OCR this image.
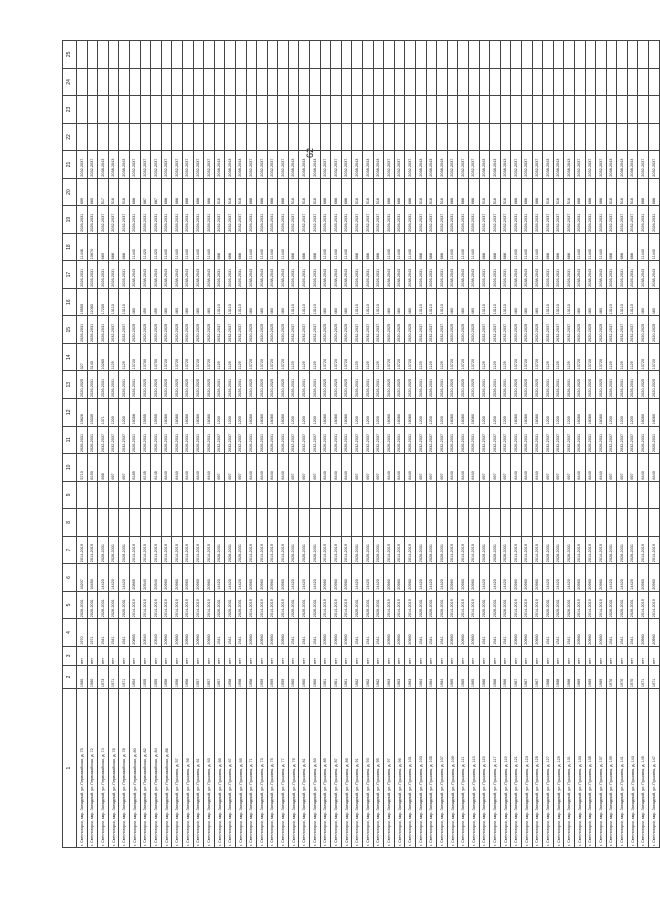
62
1	2	3	4	5	6	7	8	9	10	11	12	13	14	15	16	17	18	19	20	21	22	23	24	25
г. Светлогорск, мкр. Западный, ул. Первомайская, д. 75	1960	нет	1970	2026-2031	16207	2014-2019			5710	2026-2031	15826	2020-2025	327	2026-2031	19559	2026-2031	11446	2026-2031	699	2032-2037				
г. Светлогорск, мкр. Западный, ул. Первомайская, д. 72	1960	нет	1971	2026-2031	16450	2014-2019			8190	2026-2031	15339	2026-2031	3140	2026-2031	11060	2026-2031	10670	2026-2031	660	2032-2037				
г. Светлогорск, мкр. Западный, ул. Первомайская, д. 74	1973	нет	1541	2026-2031	14420	2026-2031			698	2032-2037	1371	2026-2031	10260	2026-2031	17200	2026-2031	669	2032-2037	517	2038-2043				
г. Светлогорск, мкр. Западный, ул. Первомайская, д. 76	1971	нет	1541	2026-2031	14420	2026-2031			697	2032-2037	1200	2026-2031	1129	2032-2037	13110	2026-2031	688	2032-2037	516	2038-2043				
г. Светлогорск, мкр. Западный, ул. Первомайская, д. 78	1971	нет	1541	2026-2031	14420	2026-2031			697	2032-2037	1200	2026-2031	1129	2032-2037	13110	2026-2031	688	2032-2037	516	2038-2043				
г. Светлогорск, мкр. Западный, ул. Первомайская, д. 80	1954	нет	20865	2014-2019	20865	2014-2019			8185	2026-2031	16058	2026-2031	13720	2020-2025	460	2038-2043	11440	2026-2031	688	2032-2037				
г. Светлогорск, мкр. Западный, ул. Первомайская, д. 82	1955	нет	20540	2014-2019	20540	2014-2019			8145	2026-2031	15955	2020-2025	13700	2020-2025	459	2038-2043	11420	2026-2031	687	2032-2037				
г. Светлогорск, мкр. Западный, ул. Первомайская, д. 84	1955	нет	20540	2014-2019	20540	2014-2019			8145	2026-2031	15955	2020-2025	13700	2020-2025	459	2038-2043	11420	2026-2031	687	2032-2037				
г. Светлогорск, мкр. Западный, ул. Первомайская, д. 86	1956	нет	20960	2014-2019	20960	2014-2019			8440	2026-2031	16060	2020-2025	13720	2020-2025	460	2038-2043	11440	2026-2031	688	2032-2037				
г. Светлогорск, мкр. Западный, ул. Пушкина, д. 57	1956	нет	20960	2014-2019	20960	2014-2019			8440	2026-2031	16060	2020-2025	13720	2020-2025	460	2038-2043	11440	2026-2031	688	2032-2037				
г. Светлогорск, мкр. Западный, ул. Пушкина, д. 59	1956	нет	20960	2014-2019	20960	2014-2019			8440	2026-2031	16060	2020-2025	13720	2020-2025	460	2038-2043	11440	2026-2031	688	2032-2037				
г. Светлогорск, мкр. Западный, ул. Пушкина, д. 61	1957	нет	20960	2014-2019	20960	2014-2019			8440	2026-2031	16060	2020-2025	13720	2020-2025	460	2038-2043	11440	2026-2031	688	2032-2037				
г. Светлогорск, мкр. Западный, ул. Пушкина, д. 63	1957	нет	20960	2014-2019	20960	2014-2019			8440	2026-2031	16060	2020-2025	13720	2020-2025	460	2038-2043	11440	2026-2031	688	2032-2037				
г. Светлогорск, мкр. Западный, ул. Пушкина, д. 65	1957	нет	1541	2026-2031	14420	2026-2031			697	2032-2037	1200	2026-2031	1129	2032-2037	13110	2026-2031	688	2032-2037	516	2038-2043				
г. Светлогорск, мкр. Западный, ул. Пушкина, д. 67	1958	нет	1541	2026-2031	14420	2026-2031			697	2032-2037	1200	2026-2031	1129	2032-2037	13110	2026-2031	688	2032-2037	516	2038-2043				
г. Светлогорск, мкр. Западный, ул. Пушкина, д. 69	1958	нет	1541	2026-2031	14420	2026-2031			697	2032-2037	1200	2026-2031	1129	2032-2037	13110	2026-2031	688	2032-2037	516	2038-2043				
г. Светлогорск, мкр. Западный, ул. Пушкина, д. 71	1958	нет	20960	2014-2019	20960	2014-2019			8440	2026-2031	16060	2020-2025	13720	2020-2025	460	2038-2043	11440	2026-2031	688	2032-2037				
г. Светлогорск, мкр. Западный, ул. Пушкина, д. 73	1959	нет	20960	2014-2019	20960	2014-2019			8440	2026-2031	16060	2020-2025	13720	2020-2025	460	2038-2043	11440	2026-2031	688	2032-2037				
г. Светлогорск, мкр. Западный, ул. Пушкина, д. 75	1959	нет	20960	2014-2019	20960	2014-2019			8440	2026-2031	16060	2020-2025	13720	2020-2025	460	2038-2043	11440	2026-2031	688	2032-2037				
г. Светлогорск, мкр. Западный, ул. Пушкина, д. 77	1959	нет	20960	2014-2019	20960	2014-2019			8440	2026-2031	16060	2020-2025	13720	2020-2025	460	2038-2043	11440	2026-2031	688	2032-2037				
г. Светлогорск, мкр. Западный, ул. Пушкина, д. 79	1960	нет	1541	2026-2031	14420	2026-2031			697	2032-2037	1200	2026-2031	1129	2032-2037	13110	2026-2031	688	2032-2037	516	2038-2043				
г. Светлогорск, мкр. Западный, ул. Пушкина, д. 81	1960	нет	1541	2026-2031	14420	2026-2031			697	2032-2037	1200	2026-2031	1129	2032-2037	13110	2026-2031	688	2032-2037	516	2038-2043				
г. Светлогорск, мкр. Западный, ул. Пушкина, д. 83	1960	нет	1541	2026-2031	14420	2026-2031			697	2032-2037	1200	2026-2031	1129	2032-2037	13110	2026-2031	688	2032-2037	516	2038-2043				
г. Светлогорск, мкр. Западный, ул. Пушкина, д. 85	1961	нет	20960	2014-2019	20960	2014-2019			8440	2026-2031	16060	2020-2025	13720	2020-2025	460	2038-2043	11440	2026-2031	688	2032-2037				
г. Светлогорск, мкр. Западный, ул. Пушкина, д. 87	1961	нет	20960	2014-2019	20960	2014-2019			8440	2026-2031	16060	2020-2025	13720	2020-2025	460	2038-2043	11440	2026-2031	688	2032-2037				
г. Светлогорск, мкр. Западный, ул. Пушкина, д. 89	1961	нет	20960	2014-2019	20960	2014-2019			8440	2026-2031	16060	2020-2025	13720	2020-2025	460	2038-2043	11440	2026-2031	688	2032-2037				
г. Светлогорск, мкр. Западный, ул. Пушкина, д. 91	1962	нет	1541	2026-2031	14420	2026-2031			697	2032-2037	1200	2026-2031	1129	2032-2037	13110	2026-2031	688	2032-2037	516	2038-2043				
г. Светлогорск, мкр. Западный, ул. Пушкина, д. 93	1962	нет	1541	2026-2031	14420	2026-2031			697	2032-2037	1200	2026-2031	1129	2032-2037	13110	2026-2031	688	2032-2037	516	2038-2043				
г. Светлогорск, мкр. Западный, ул. Пушкина, д. 95	1962	нет	1541	2026-2031	14420	2026-2031			697	2032-2037	1200	2026-2031	1129	2032-2037	13110	2026-2031	688	2032-2037	516	2038-2043				
г. Светлогорск, мкр. Западный, ул. Пушкина, д. 97	1963	нет	20960	2014-2019	20960	2014-2019			8440	2026-2031	16060	2020-2025	13720	2020-2025	460	2038-2043	11440	2026-2031	688	2032-2037				
г. Светлогорск, мкр. Западный, ул. Пушкина, д. 99	1963	нет	20960	2014-2019	20960	2014-2019			8440	2026-2031	16060	2020-2025	13720	2020-2025	460	2038-2043	11440	2026-2031	688	2032-2037				
г. Светлогорск, мкр. Западный, ул. Пушкина, д. 101	1963	нет	20960	2014-2019	20960	2014-2019			8440	2026-2031	16060	2020-2025	13720	2020-2025	460	2038-2043	11440	2026-2031	688	2032-2037				
г. Светлогорск, мкр. Западный, ул. Пушкина, д. 103	1964	нет	1541	2026-2031	14420	2026-2031			697	2032-2037	1200	2026-2031	1129	2032-2037	13110	2026-2031	688	2032-2037	516	2038-2043				
г. Светлогорск, мкр. Западный, ул. Пушкина, д. 105	1964	нет	1541	2026-2031	14420	2026-2031			697	2032-2037	1200	2026-2031	1129	2032-2037	13110	2026-2031	688	2032-2037	516	2038-2043				
г. Светлогорск, мкр. Западный, ул. Пушкина, д. 107	1964	нет	1541	2026-2031	14420	2026-2031			697	2032-2037	1200	2026-2031	1129	2032-2037	13110	2026-2031	688	2032-2037	516	2038-2043				
г. Светлогорск, мкр. Западный, ул. Пушкина, д. 109	1965	нет	20960	2014-2019	20960	2014-2019			8440	2026-2031	16060	2020-2025	13720	2020-2025	460	2038-2043	11440	2026-2031	688	2032-2037				
г. Светлогорск, мкр. Западный, ул. Пушкина, д. 111	1965	нет	20960	2014-2019	20960	2014-2019			8440	2026-2031	16060	2020-2025	13720	2020-2025	460	2038-2043	11440	2026-2031	688	2032-2037				
г. Светлогорск, мкр. Западный, ул. Пушкина, д. 113	1965	нет	20960	2014-2019	20960	2014-2019			8440	2026-2031	16060	2020-2025	13720	2020-2025	460	2038-2043	11440	2026-2031	688	2032-2037				
г. Светлогорск, мкр. Западный, ул. Пушкина, д. 115	1966	нет	1541	2026-2031	14420	2026-2031			697	2032-2037	1200	2026-2031	1129	2032-2037	13110	2026-2031	688	2032-2037	516	2038-2043				
г. Светлогорск, мкр. Западный, ул. Пушкина, д. 117	1966	нет	1541	2026-2031	14420	2026-2031			697	2032-2037	1200	2026-2031	1129	2032-2037	13110	2026-2031	688	2032-2037	516	2038-2043				
г. Светлогорск, мкр. Западный, ул. Пушкина, д. 119	1966	нет	1541	2026-2031	14420	2026-2031			697	2032-2037	1200	2026-2031	1129	2032-2037	13110	2026-2031	688	2032-2037	516	2038-2043				
г. Светлогорск, мкр. Западный, ул. Пушкина, д. 121	1967	нет	20960	2014-2019	20960	2014-2019			8440	2026-2031	16060	2020-2025	13720	2020-2025	460	2038-2043	11440	2026-2031	688	2032-2037				
г. Светлогорск, мкр. Западный, ул. Пушкина, д. 123	1967	нет	20960	2014-2019	20960	2014-2019			8440	2026-2031	16060	2020-2025	13720	2020-2025	460	2038-2043	11440	2026-2031	688	2032-2037				
г. Светлогорск, мкр. Западный, ул. Пушкина, д. 125	1967	нет	20960	2014-2019	20960	2014-2019			8440	2026-2031	16060	2020-2025	13720	2020-2025	460	2038-2043	11440	2026-2031	688	2032-2037				
г. Светлогорск, мкр. Западный, ул. Пушкина, д. 127	1968	нет	1541	2026-2031	14420	2026-2031			697	2032-2037	1200	2026-2031	1129	2032-2037	13110	2026-2031	688	2032-2037	516	2038-2043				
г. Светлогорск, мкр. Западный, ул. Пушкина, д. 129	1968	нет	1541	2026-2031	14420	2026-2031			697	2032-2037	1200	2026-2031	1129	2032-2037	13110	2026-2031	688	2032-2037	516	2038-2043				
г. Светлогорск, мкр. Западный, ул. Пушкина, д. 131	1968	нет	1541	2026-2031	14420	2026-2031			697	2032-2037	1200	2026-2031	1129	2032-2037	13110	2026-2031	688	2032-2037	516	2038-2043				
г. Светлогорск, мкр. Западный, ул. Пушкина, д. 133	1969	нет	20960	2014-2019	20960	2014-2019			8440	2026-2031	16060	2020-2025	13720	2020-2025	460	2038-2043	11440	2026-2031	688	2032-2037				
г. Светлогорск, мкр. Западный, ул. Пушкина, д. 135	1969	нет	20960	2014-2019	20960	2014-2019			8440	2026-2031	16060	2020-2025	13720	2020-2025	460	2038-2043	11440	2026-2031	688	2032-2037				
г. Светлогорск, мкр. Западный, ул. Пушкина, д. 137	1969	нет	20960	2014-2019	20960	2014-2019			8440	2026-2031	16060	2020-2025	13720	2020-2025	460	2038-2043	11440	2026-2031	688	2032-2037				
г. Светлогорск, мкр. Западный, ул. Пушкина, д. 139	1970	нет	1541	2026-2031	14420	2026-2031			697	2032-2037	1200	2026-2031	1129	2032-2037	13110	2026-2031	688	2032-2037	516	2038-2043				
г. Светлогорск, мкр. Западный, ул. Пушкина, д. 141	1970	нет	1541	2026-2031	14420	2026-2031			697	2032-2037	1200	2026-2031	1129	2032-2037	13110	2026-2031	688	2032-2037	516	2038-2043				
г. Светлогорск, мкр. Западный, ул. Пушкина, д. 143	1970	нет	1541	2026-2031	14420	2026-2031			697	2032-2037	1200	2026-2031	1129	2032-2037	13110	2026-2031	688	2032-2037	516	2038-2043				
г. Светлогорск, мкр. Западный, ул. Пушкина, д. 145	1971	нет	20960	2014-2019	20960	2014-2019			8440	2026-2031	16060	2020-2025	13720	2020-2025	460	2038-2043	11440	2026-2031	688	2032-2037				
г. Светлогорск, мкр. Западный, ул. Пушкина, д. 147	1971	нет	20960	2014-2019	20960	2014-2019			8440	2026-2031	16060	2020-2025	13720	2020-2025	460	2038-2043	11440	2026-2031	688	2032-2037				
